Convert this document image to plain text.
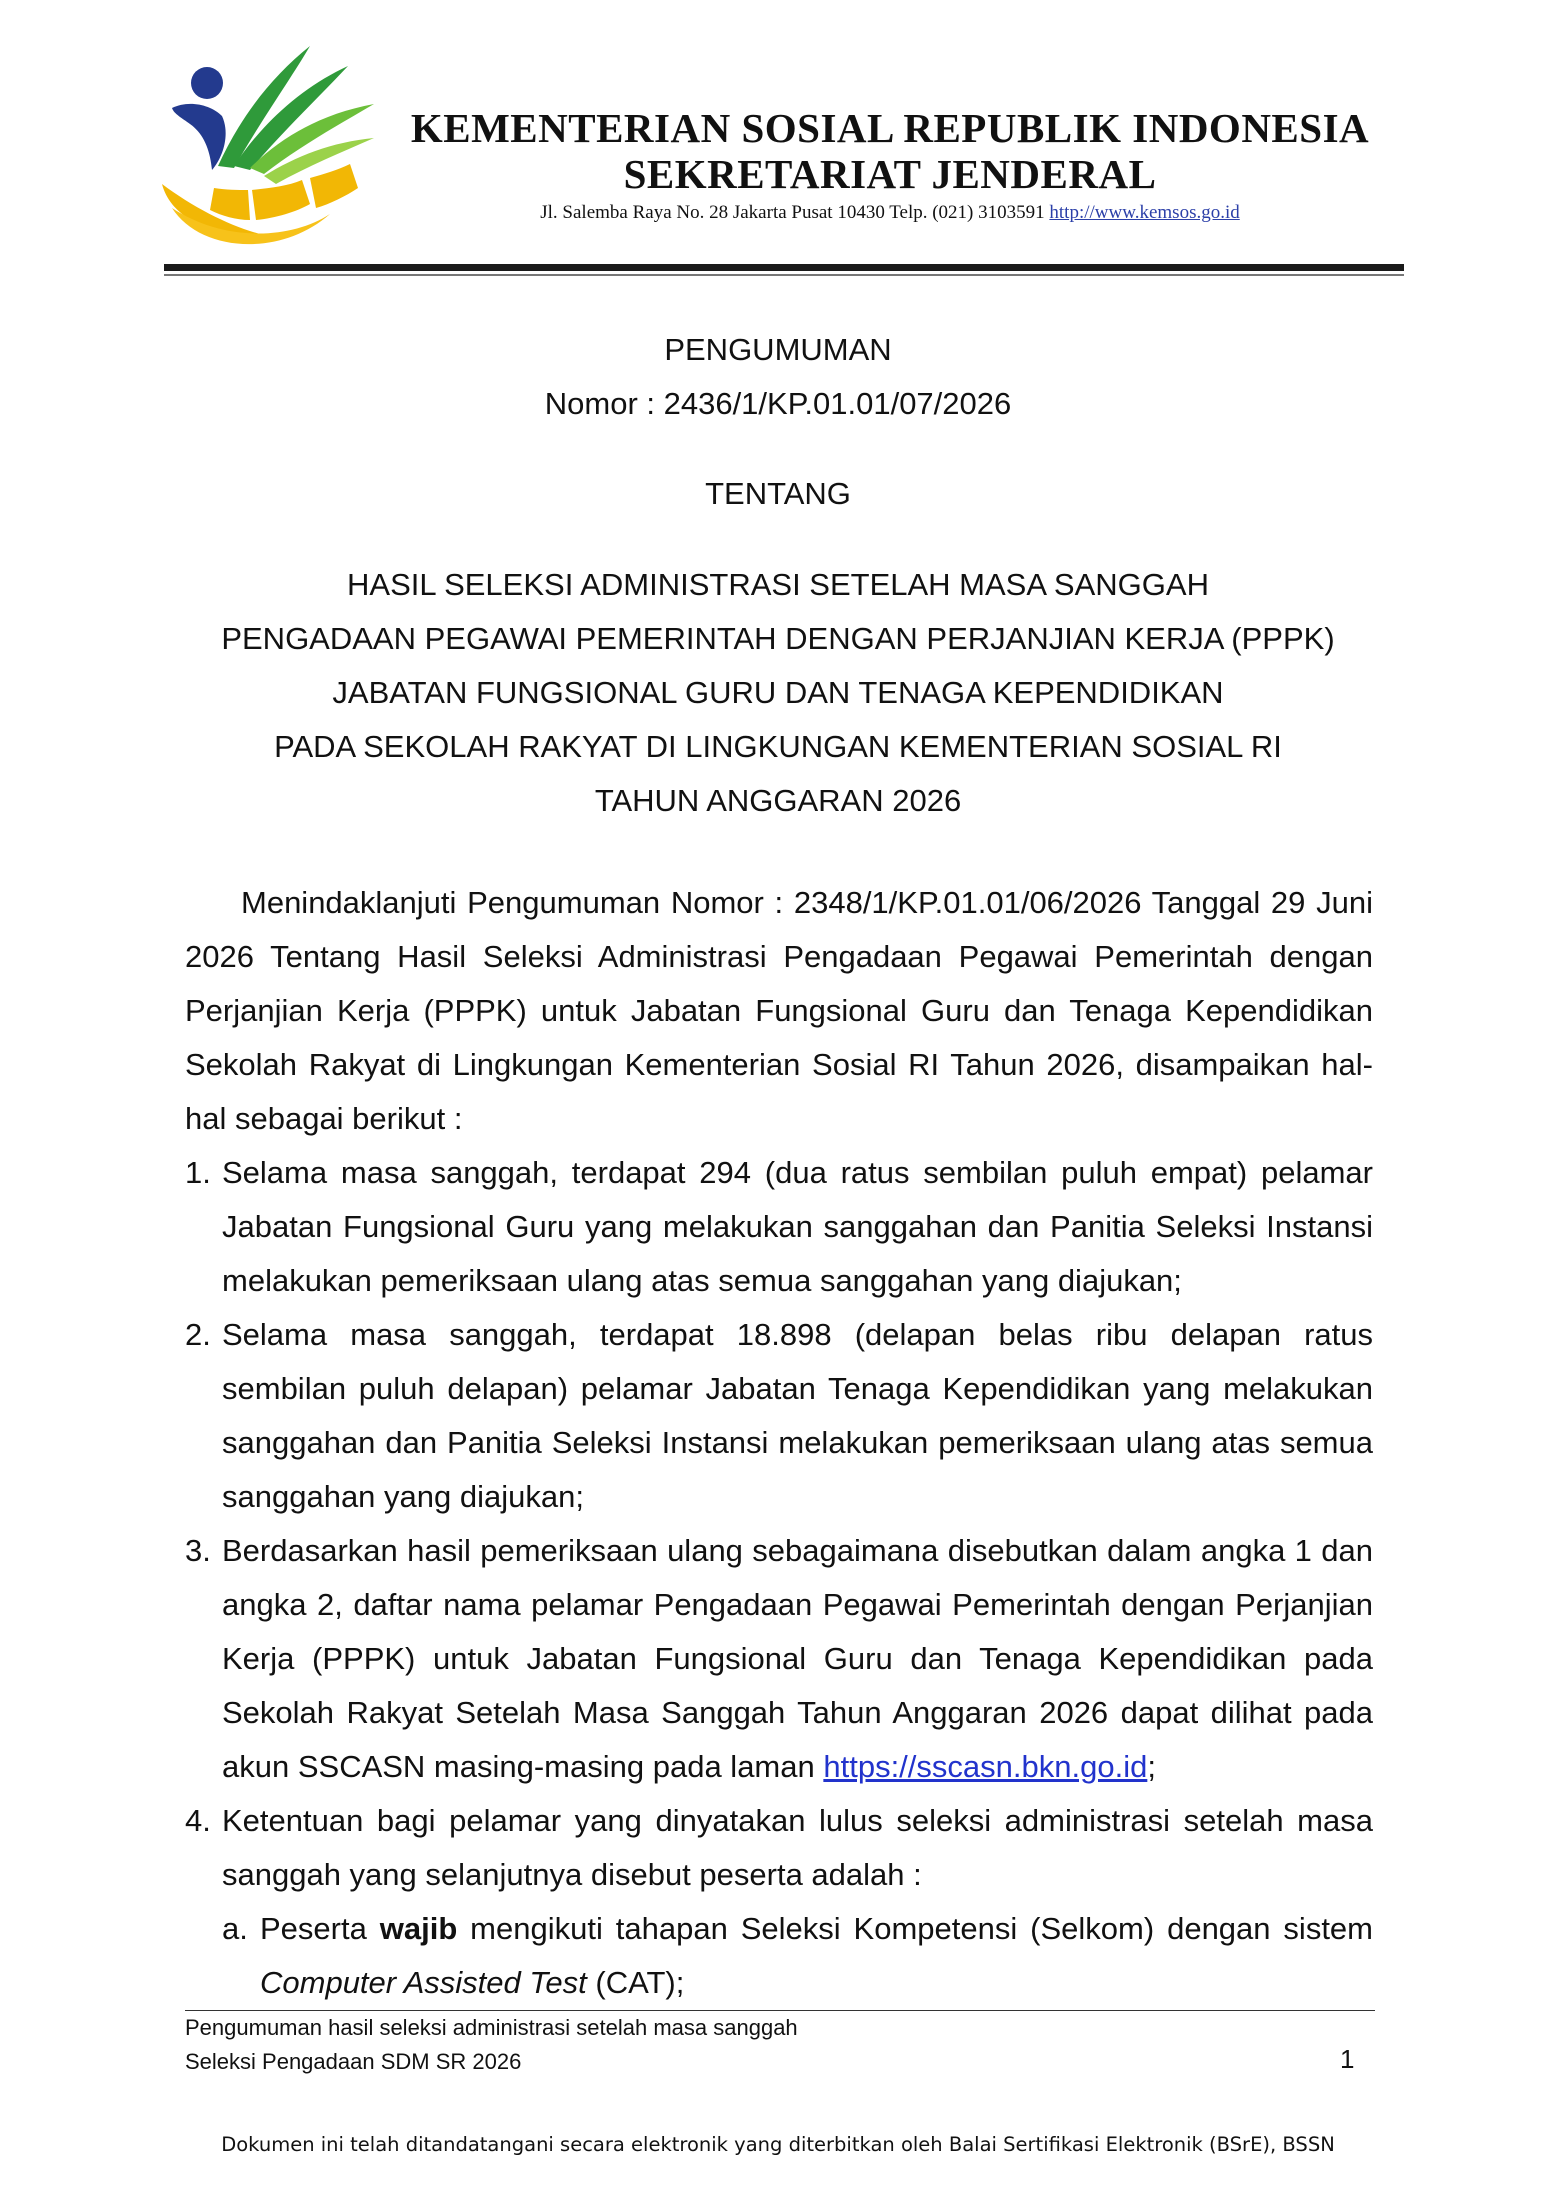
KEMENTERIAN SOSIAL REPUBLIK INDONESIA
SEKRETARIAT JENDERAL
Jl. Salemba Raya No. 28 Jakarta Pusat 10430 Telp. (021) 3103591 http://www.kemsos.go.id
PENGUMUMAN
Nomor : 2436/1/KP.01.01/07/2026
TENTANG
HASIL SELEKSI ADMINISTRASI SETELAH MASA SANGGAH
PENGADAAN PEGAWAI PEMERINTAH DENGAN PERJANJIAN KERJA (PPPK)
JABATAN FUNGSIONAL GURU DAN TENAGA KEPENDIDIKAN
PADA SEKOLAH RAKYAT DI LINGKUNGAN KEMENTERIAN SOSIAL RI
TAHUN ANGGARAN 2026

Menindaklanjuti Pengumuman Nomor : 2348/1/KP.01.01/06/2026 Tanggal 29 Juni 2026 Tentang Hasil Seleksi Administrasi Pengadaan Pegawai Pemerintah dengan Perjanjian Kerja (PPPK) untuk Jabatan Fungsional Guru dan Tenaga Kependidikan Sekolah Rakyat di Lingkungan Kementerian Sosial RI Tahun 2026, disampaikan hal-hal sebagai berikut :

1. Selama masa sanggah, terdapat 294 (dua ratus sembilan puluh empat) pelamar Jabatan Fungsional Guru yang melakukan sanggahan dan Panitia Seleksi Instansi melakukan pemeriksaan ulang atas semua sanggahan yang diajukan;
2. Selama masa sanggah, terdapat 18.898 (delapan belas ribu delapan ratus sembilan puluh delapan) pelamar Jabatan Tenaga Kependidikan yang melakukan sanggahan dan Panitia Seleksi Instansi melakukan pemeriksaan ulang atas semua sanggahan yang diajukan;
3. Berdasarkan hasil pemeriksaan ulang sebagaimana disebutkan dalam angka 1 dan angka 2, daftar nama pelamar Pengadaan Pegawai Pemerintah dengan Perjanjian Kerja (PPPK) untuk Jabatan Fungsional Guru dan Tenaga Kependidikan pada Sekolah Rakyat Setelah Masa Sanggah Tahun Anggaran 2026 dapat dilihat pada akun SSCASN masing-masing pada laman https://sscasn.bkn.go.id;
4. Ketentuan bagi pelamar yang dinyatakan lulus seleksi administrasi setelah masa sanggah yang selanjutnya disebut peserta adalah :
a. Peserta wajib mengikuti tahapan Seleksi Kompetensi (Selkom) dengan sistem Computer Assisted Test (CAT);
Pengumuman hasil seleksi administrasi setelah masa sanggah
Seleksi Pengadaan SDM SR 2026	1
Dokumen ini telah ditandatangani secara elektronik yang diterbitkan oleh Balai Sertifikasi Elektronik (BSrE), BSSN
